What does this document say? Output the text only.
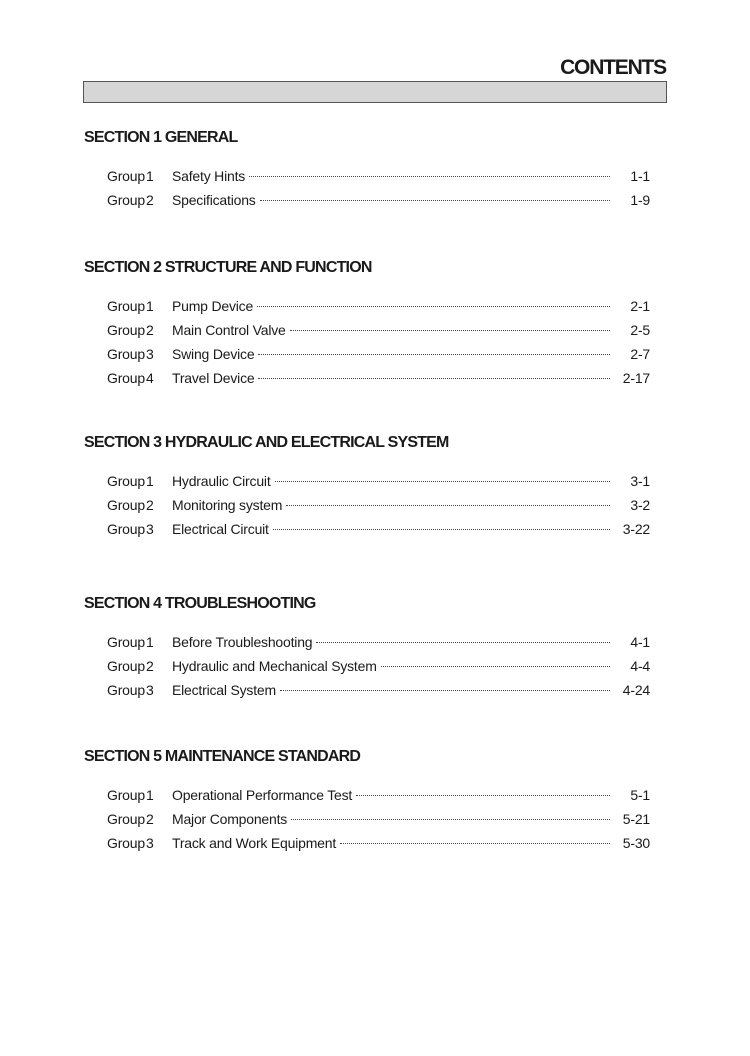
CONTENTS
SECTION 1 GENERAL
Group 1	Safety Hints	1-1
Group 2	Specifications	1-9
SECTION 2 STRUCTURE AND FUNCTION
Group 1	Pump Device	2-1
Group 2	Main Control Valve	2-5
Group 3	Swing Device	2-7
Group 4	Travel Device	2-17
SECTION 3 HYDRAULIC AND ELECTRICAL SYSTEM
Group 1	Hydraulic Circuit	3-1
Group 2	Monitoring system	3-2
Group 3	Electrical Circuit	3-22
SECTION 4 TROUBLESHOOTING
Group 1	Before Troubleshooting	4-1
Group 2	Hydraulic and Mechanical System	4-4
Group 3	Electrical System	4-24
SECTION 5 MAINTENANCE STANDARD
Group 1	Operational Performance Test	5-1
Group 2	Major Components	5-21
Group 3	Track and Work Equipment	5-30
